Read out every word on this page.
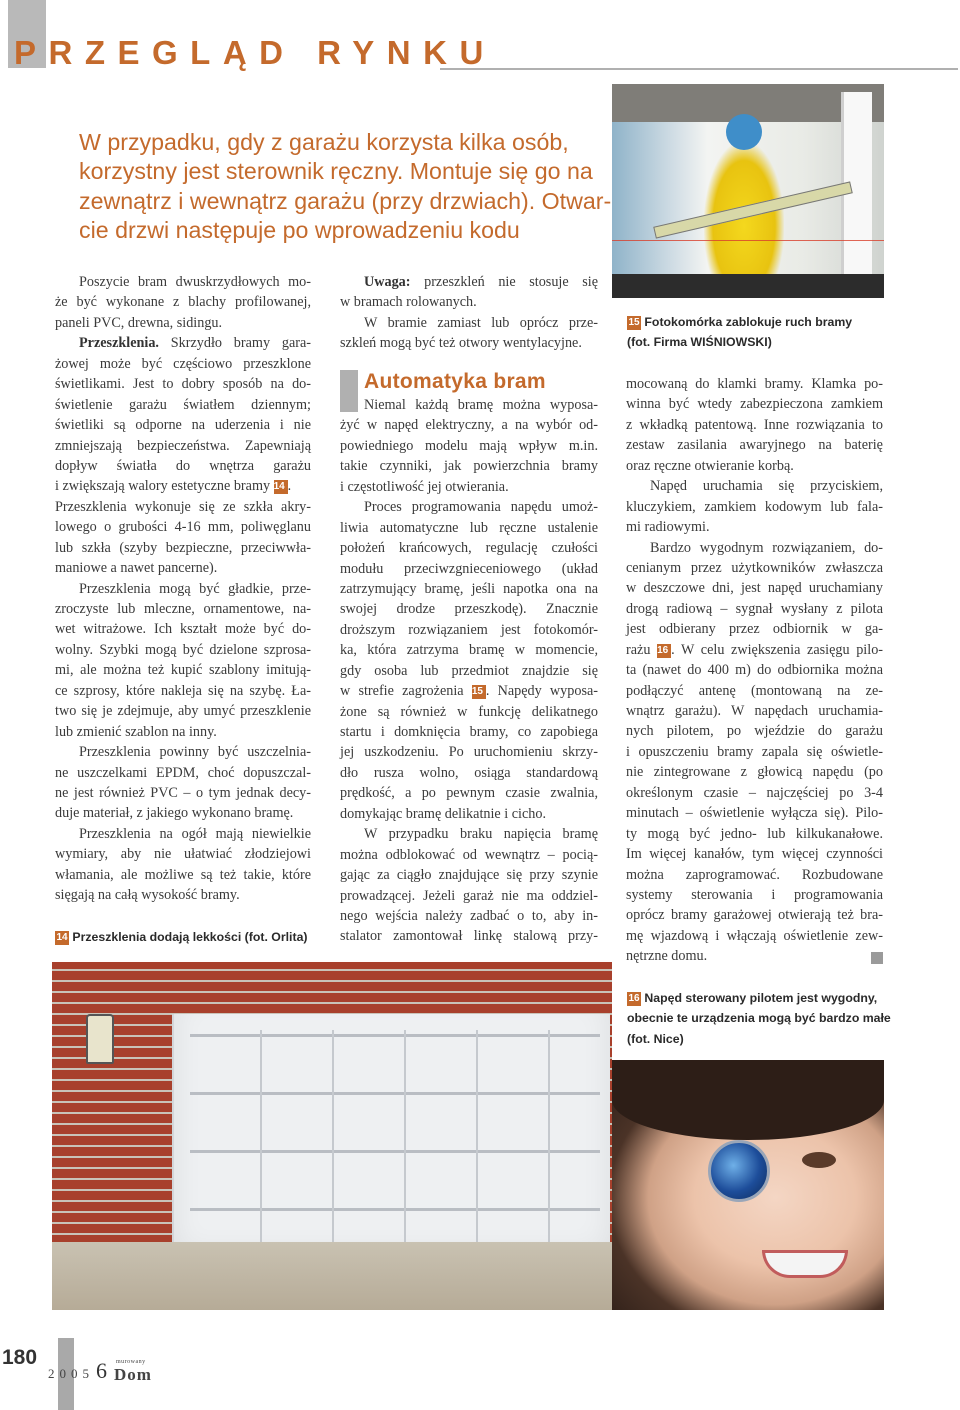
PRZEGLĄD RYNKU

W przypadku, gdy z garażu korzysta kilka osób,

korzystny jest sterownik ręczny. Montuje się go na

zewnątrz i wewnątrz garażu (przy drzwiach). Otwar-

cie drzwi następuje po wprowadzeniu kodu

Poszycie bram dwuskrzydłowych mo-
że być wykonane z blachy profilowanej,
paneli PVC, drewna, sidingu.
Przeszklenia. Skrzydło bramy gara-
żowej może być częściowo przeszklone
świetlikami. Jest to dobry sposób na do-
świetlenie garażu światłem dziennym;
świetliki są odporne na uderzenia i nie
zmniejszają bezpieczeństwa. Zapewniają
dopływ światła do wnętrza garażu
i zwiększają walory estetyczne bramy 14 .
Przeszklenia wykonuje się ze szkła akry-
lowego o grubości 4-16 mm, poliwęglanu
lub szkła (szyby bezpieczne, przeciwwła-
maniowe a nawet pancerne).
Przeszklenia mogą być gładkie, prze-
zroczyste lub mleczne, ornamentowe, na-
wet witrażowe. Ich kształt może być do-
wolny. Szybki mogą być dzielone szprosa-
mi, ale można też kupić szablony imitują-
ce szprosy, które nakleja się na szybę. Ła-
two się je zdejmuje, aby umyć przeszklenie
lub zmienić szablon na inny.
Przeszklenia powinny być uszczelnia-
ne uszczelkami EPDM, choć dopuszczal-
ne jest również PVC – o tym jednak decy-
duje materiał, z jakiego wykonano bramę.
Przeszklenia na ogół mają niewielkie
wymiary, aby nie ułatwiać złodziejowi
włamania, ale możliwe są też takie, które
sięgają na całą wysokość bramy.
14 Przeszklenia dodają lekkości (fot. Orlita)
Uwaga: przeszkleń nie stosuje się
w bramach rolowanych.
W bramie zamiast lub oprócz prze-
szkleń mogą być też otwory wentylacyjne.
Automatyka bram
Niemal każdą bramę można wyposa-
żyć w napęd elektryczny, a na wybór od-
powiedniego modelu mają wpływ m.in.
takie czynniki, jak powierzchnia bramy
i częstotliwość jej otwierania.
Proces programowania napędu umoż-
liwia automatyczne lub ręczne ustalenie
położeń krańcowych, regulację czułości
modułu przeciwzgnieceniowego (układ
zatrzymujący bramę, jeśli napotka ona na
swojej drodze przeszkodę). Znacznie
droższym rozwiązaniem jest fotokomór-
ka, która zatrzyma bramę w momencie,
gdy osoba lub przedmiot znajdzie się
w strefie zagrożenia 15 . Napędy wyposa-
żone są również w funkcję delikatnego
startu i domknięcia bramy, co zapobiega
jej uszkodzeniu. Po uruchomieniu skrzy-
dło rusza wolno, osiąga standardową
prędkość, a po pewnym czasie zwalnia,
domykając bramę delikatnie i cicho.
W przypadku braku napięcia bramę
można odblokować od wewnątrz – pocią-
gając za ciągło znajdujące się przy szynie
prowadzącej. Jeżeli garaż nie ma oddziel-
nego wejścia należy zadbać o to, aby in-
stalator zamontował linkę stalową przy-
15 Fotokomórka zablokuje ruch bramy
(fot. Firma WIŚNIOWSKI)
mocowaną do klamki bramy. Klamka po-
winna być wtedy zabezpieczona zamkiem
z wkładką patentową. Inne rozwiązania to
zestaw zasilania awaryjnego na baterię
oraz ręczne otwieranie korbą.
Napęd uruchamia się przyciskiem,
kluczykiem, zamkiem kodowym lub fala-
mi radiowymi.
Bardzo wygodnym rozwiązaniem, do-
cenianym przez użytkowników zwłaszcza
w deszczowe dni, jest napęd uruchamiany
drogą radiową – sygnał wysłany z pilota
jest odbierany przez odbiornik w ga-
rażu 16 . W celu zwiększenia zasięgu pilo-
ta (nawet do 400 m) do odbiornika można
podłączyć antenę (montowaną na ze-
wnątrz garażu). W napędach uruchamia-
nych pilotem, po wjeździe do garażu
i opuszczeniu bramy zapala się oświetle-
nie zintegrowane z głowicą napędu (po
określonym czasie – najczęściej po 3-4
minutach – oświetlenie wyłącza się). Pilo-
ty mogą być jedno- lub kilkukanałowe.
Im więcej kanałów, tym więcej czynności
można zaprogramować. Rozbudowane
systemy sterowania i programowania
oprócz bramy garażowej otwierają też bra-
mę wjazdową i włączają oświetlenie zew-
nętrzne domu.
16 Napęd sterowany pilotem jest wygodny,
obecnie te urządzenia mogą być bardzo małe
(fot. Nice)
180
2005 6 murowany
Dom
